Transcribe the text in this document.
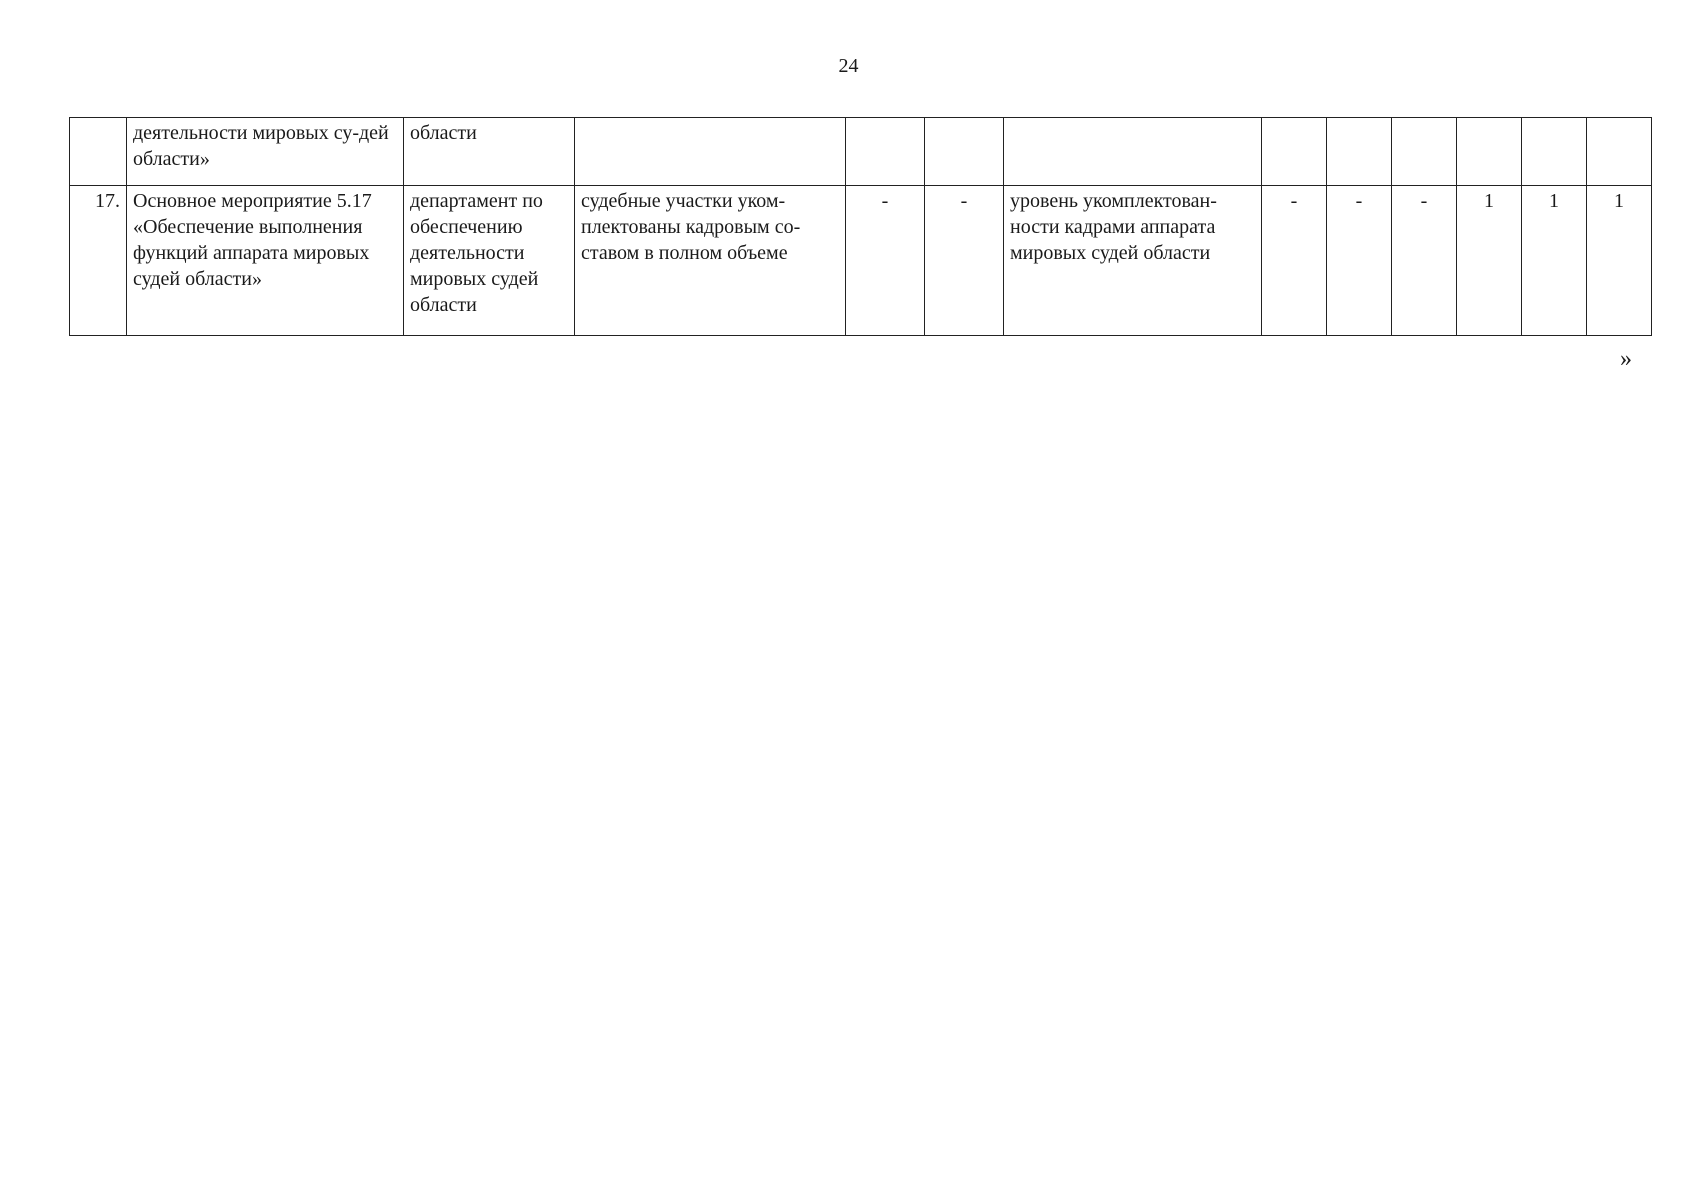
24
	деятельности мировых су-дей области»	области										
17.	Основное мероприятие 5.17 «Обеспечение выполнения функций аппарата мировых судей области»	департамент по обеспечению деятельности мировых судей области	судебные участки уком-плектованы кадровым со-ставом в полном объеме	-	-	уровень укомплектован-ности кадрами аппарата мировых судей области	-	-	-	1	1	1
»
